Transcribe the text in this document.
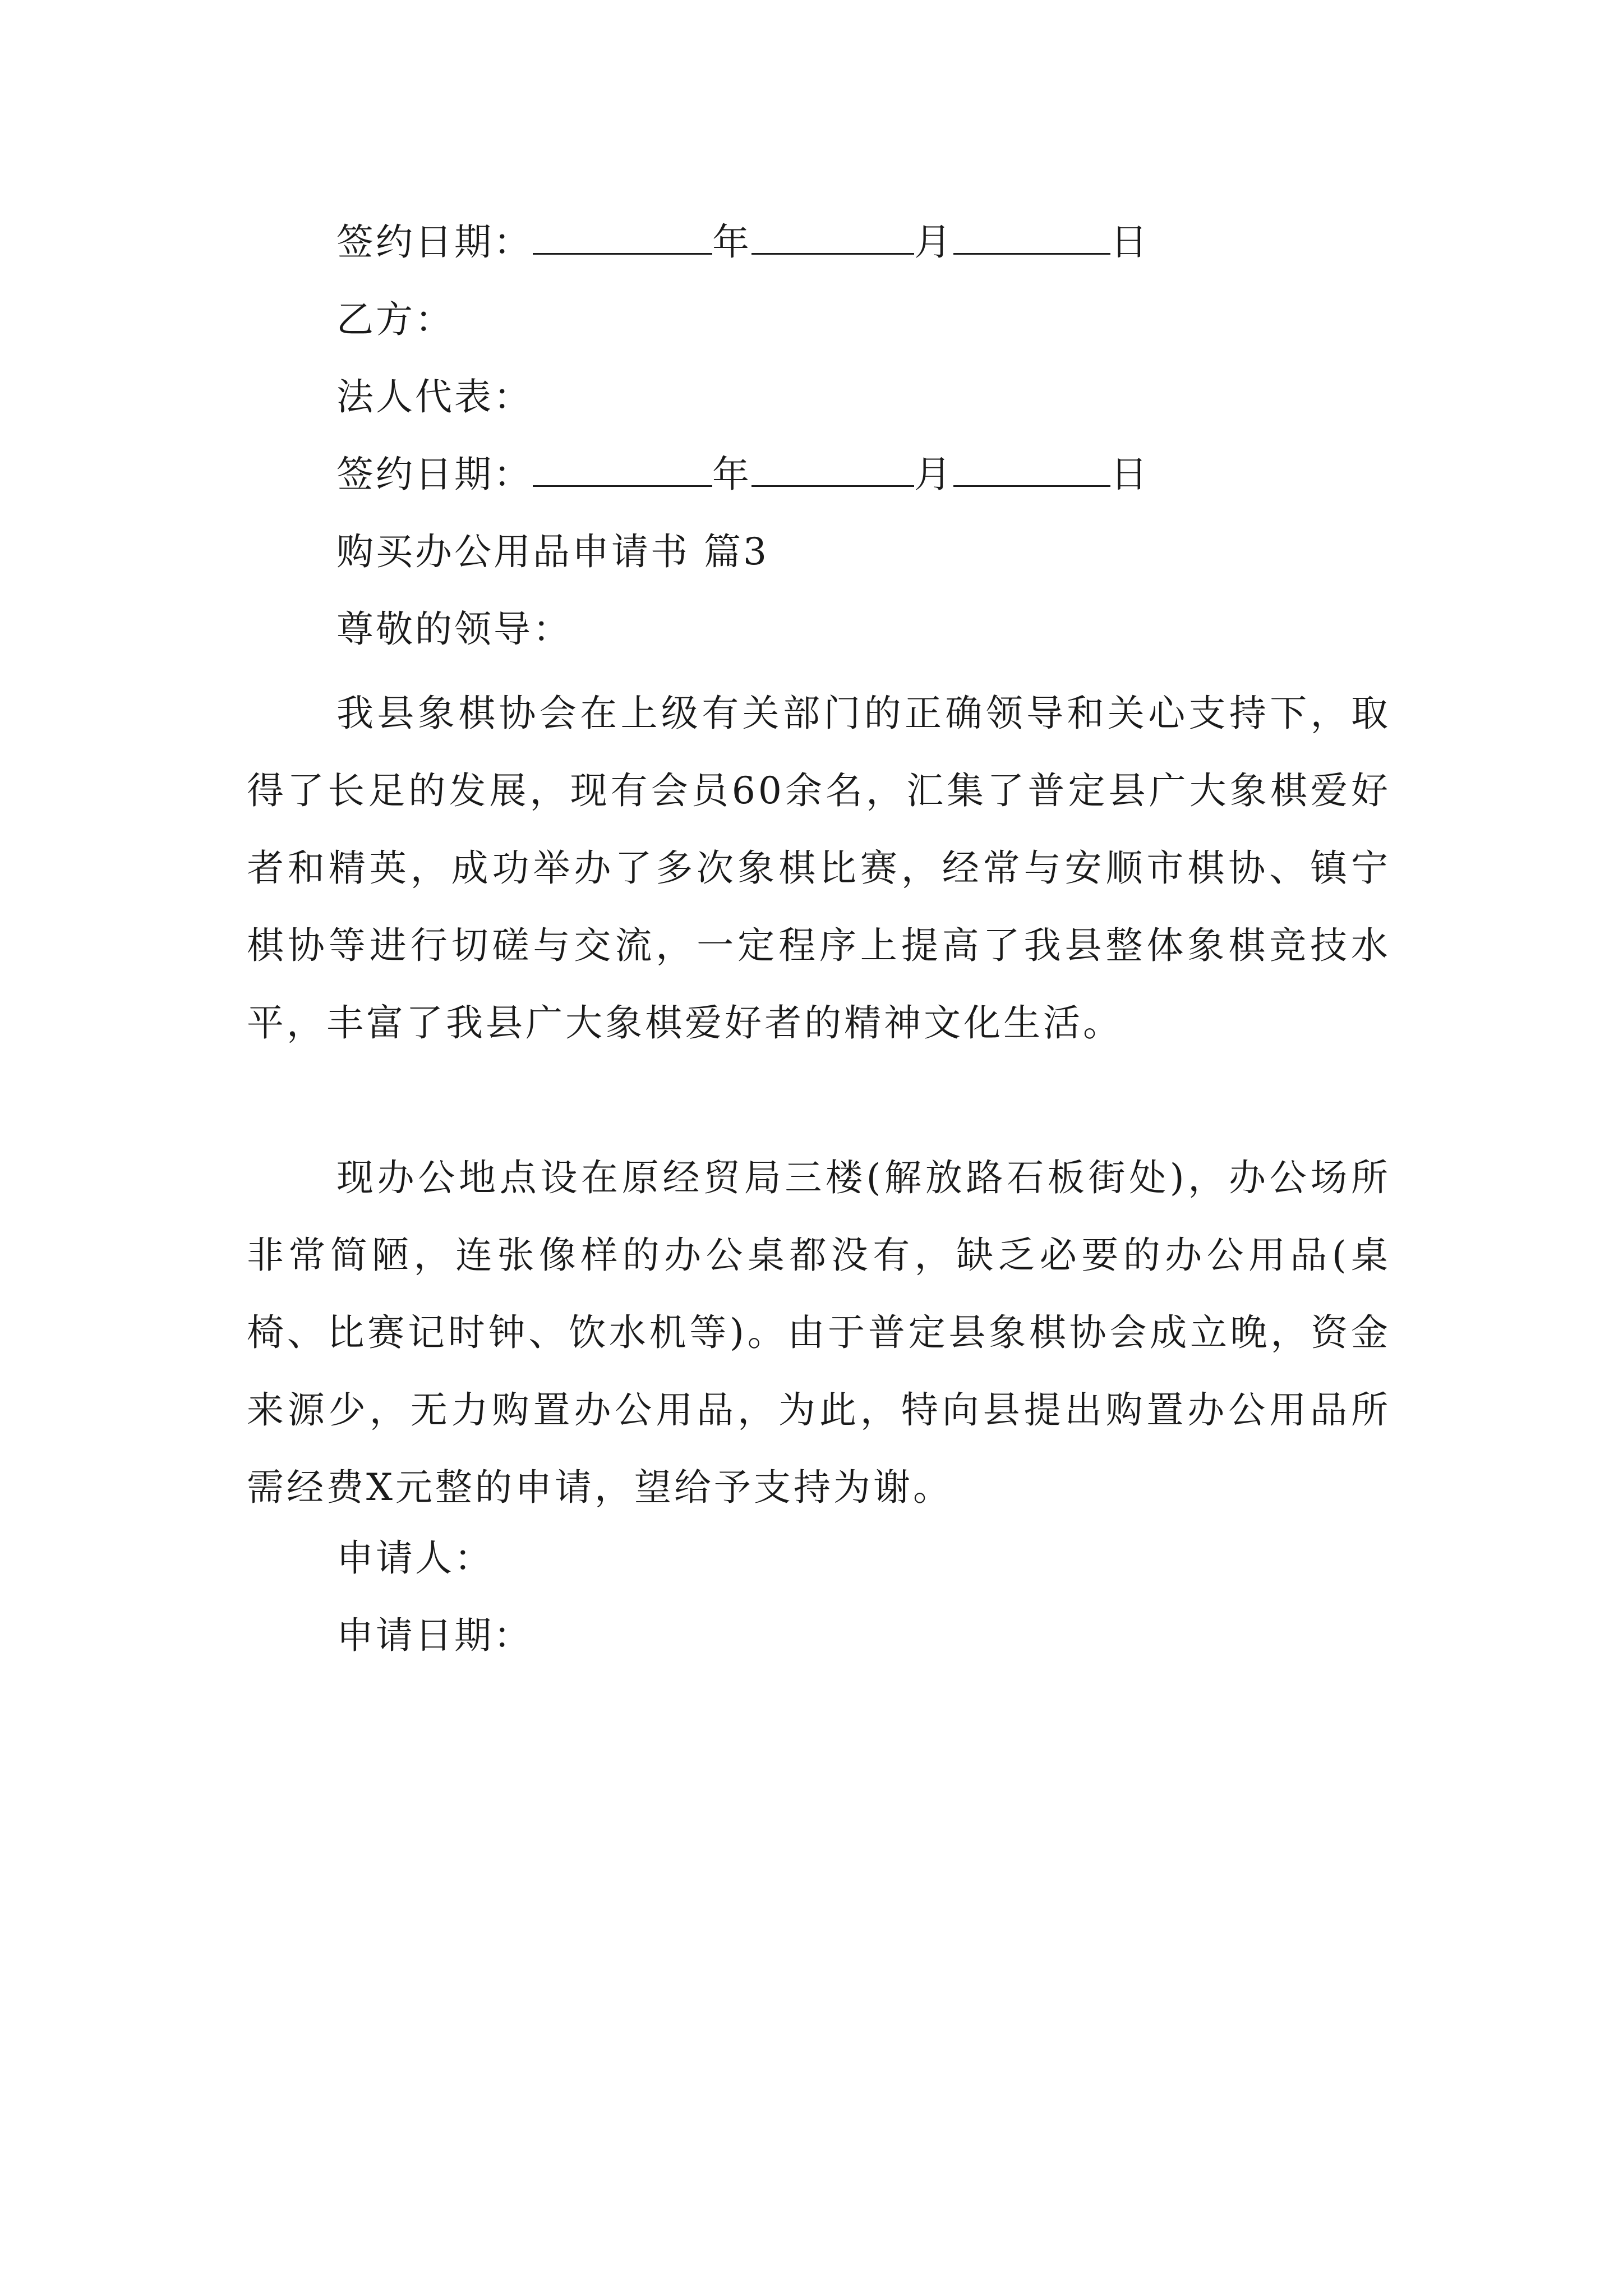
签约日期：	年	月	日
乙方：
法人代表：
签约日期：	年	月	日
购买办公用品申请书 篇3
尊敬的领导：
我县象棋协会在上级有关部门的正确领导和关心支持下，取得了长足的发展，现有会员60余名，汇集了普定县广大象棋爱好者和精英，成功举办了多次象棋比赛，经常与安顺市棋协、镇宁棋协等进行切磋与交流，一定程序上提高了我县整体象棋竞技水平，丰富了我县广大象棋爱好者的精神文化生活。
现办公地点设在原经贸局三楼(解放路石板街处)，办公场所非常简陋，连张像样的办公桌都没有，缺乏必要的办公用品(桌椅、比赛记时钟、饮水机等)。由于普定县象棋协会成立晚，资金来源少，无力购置办公用品，为此，特向县提出购置办公用品所需经费X元整的申请，望给予支持为谢。
申请人：
申请日期：
